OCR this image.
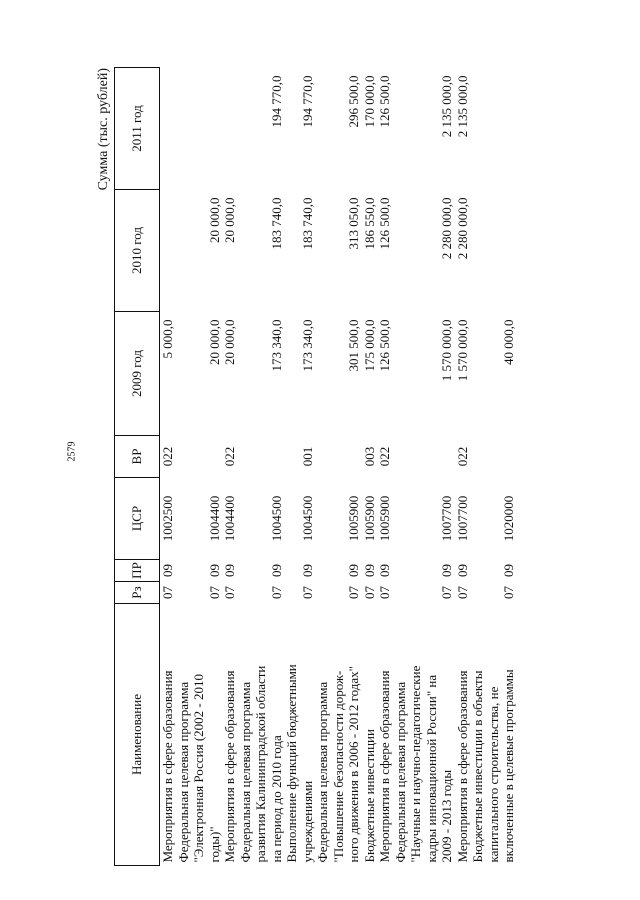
2579
Сумма (тыс. рублей)
Наименование	Рз	ПР	ЦСР	ВР	2009 год	2010 год	2011 год
Мероприятия в сфере образования	07	09	1002500	022	5 000,0		
Федеральная целевая программа							
"Электронная Россия (2002 - 2010							
годы)"	07	09	1004400		20 000,0	20 000,0	
Мероприятия в сфере образования	07	09	1004400	022	20 000,0	20 000,0	
Федеральная целевая программа							
развития Калининградской области							
на период до 2010 года	07	09	1004500		173 340,0	183 740,0	194 770,0
Выполнение функций бюджетными							
учреждениями	07	09	1004500	001	173 340,0	183 740,0	194 770,0
Федеральная целевая программа							
"Повышение безопасности дорож-							
ного движения в 2006 - 2012 годах"	07	09	1005900		301 500,0	313 050,0	296 500,0
Бюджетные инвестиции	07	09	1005900	003	175 000,0	186 550,0	170 000,0
Мероприятия в сфере образования	07	09	1005900	022	126 500,0	126 500,0	126 500,0
Федеральная целевая программа							
"Научные и научно-педагогические							
кадры инновационной России" на							
2009 - 2013 годы	07	09	1007700		1 570 000,0	2 280 000,0	2 135 000,0
Мероприятия в сфере образования	07	09	1007700	022	1 570 000,0	2 280 000,0	2 135 000,0
Бюджетные инвестиции в объекты							
капитального строительства, не							
включенные в целевые программы	07	09	1020000		40 000,0		
